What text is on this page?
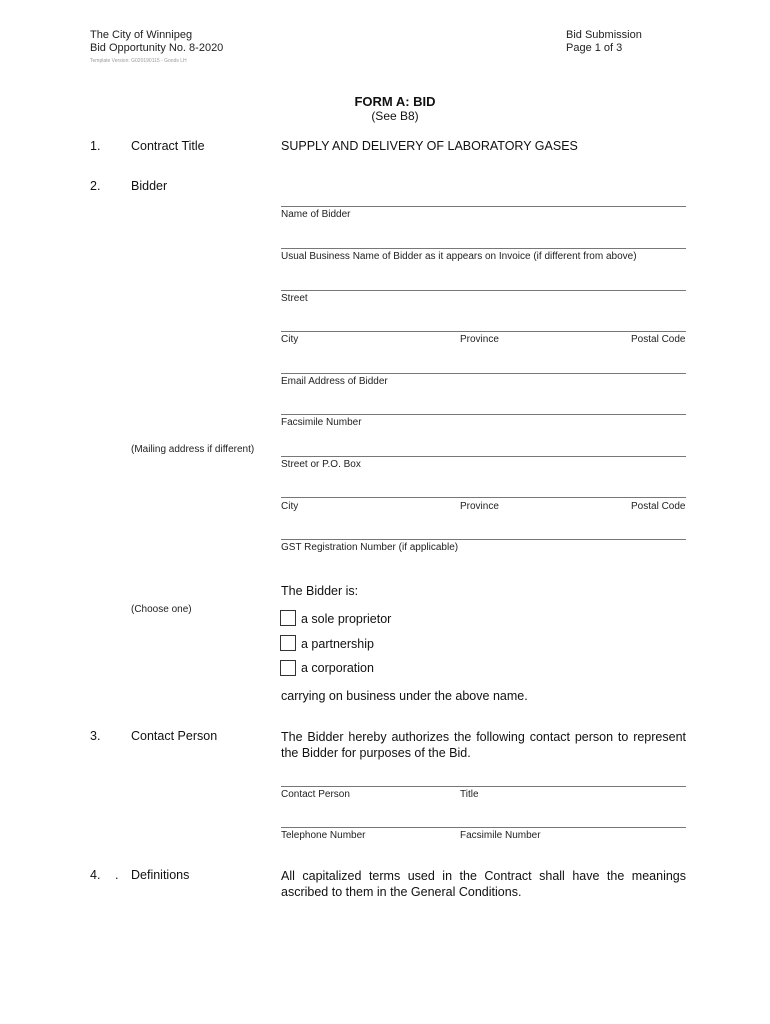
The City of Winnipeg
Bid Opportunity No. 8-2020
Template Version: G020190115 - Goods LH
Bid Submission
Page 1 of 3
FORM A: BID
(See B8)
1. Contract Title	SUPPLY AND DELIVERY OF LABORATORY GASES
2. Bidder
Name of Bidder
Usual Business Name of Bidder as it appears on Invoice (if different from above)
Street
City	Province	Postal Code
Email Address of Bidder
Facsimile Number
(Mailing address if different)
Street or P.O. Box
City	Province	Postal Code
GST Registration Number (if applicable)
The Bidder is:
(Choose one)
a sole proprietor
a partnership
a corporation
carrying on business under the above name.
3. Contact Person	The Bidder hereby authorizes the following contact person to represent the Bidder for purposes of the Bid.
Contact Person	Title
Telephone Number	Facsimile Number
4. . Definitions	All capitalized terms used in the Contract shall have the meanings ascribed to them in the General Conditions.
